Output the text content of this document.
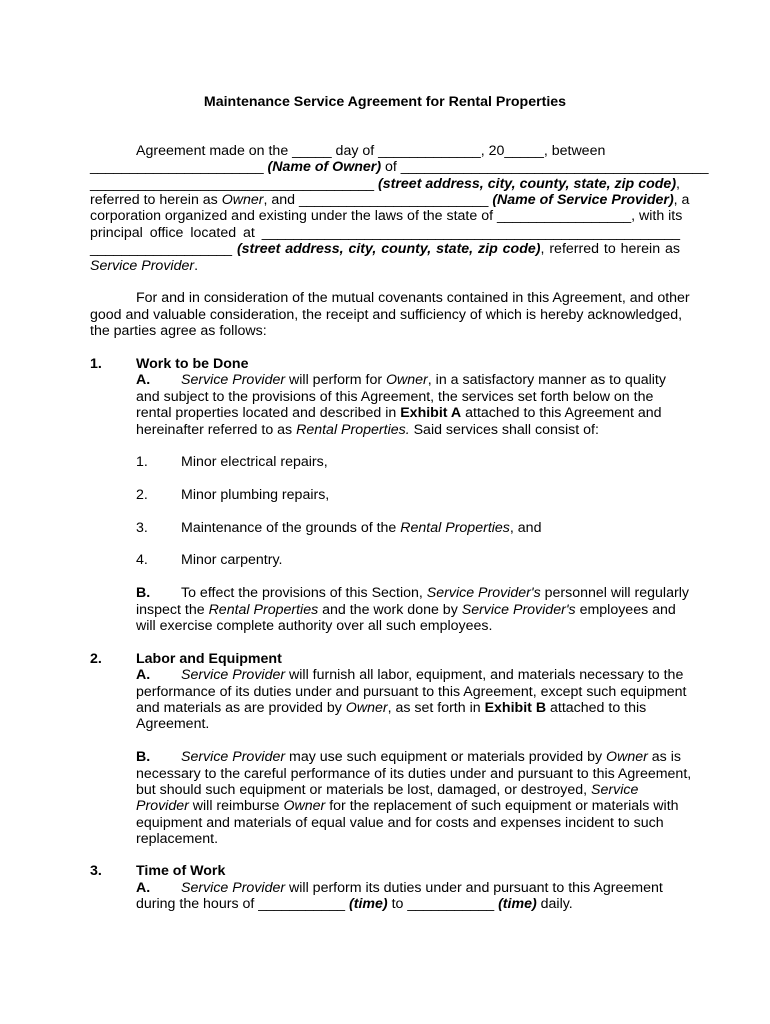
Maintenance Service Agreement for Rental Properties
Agreement made on the _____ day of _____________, 20_____, between
______________________ (Name of Owner) of _______________________________________
____________________________________ (street address, city, county, state, zip code),
referred to herein as Owner, and ________________________ (Name of Service Provider), a
corporation organized and existing under the laws of the state of _________________, with its
principal office located at _____________________________________________________
__________________ (street address, city, county, state, zip code), referred to herein as
Service Provider.
For and in consideration of the mutual covenants contained in this Agreement, and other
good and valuable consideration, the receipt and sufficiency of which is hereby acknowledged,
the parties agree as follows:
1. Work to be Done
A. Service Provider will perform for Owner, in a satisfactory manner as to quality
and subject to the provisions of this Agreement, the services set forth below on the
rental properties located and described in Exhibit A attached to this Agreement and
hereinafter referred to as Rental Properties. Said services shall consist of:
1. Minor electrical repairs,
2. Minor plumbing repairs,
3. Maintenance of the grounds of the Rental Properties, and
4. Minor carpentry.
B. To effect the provisions of this Section, Service Provider's personnel will regularly
inspect the Rental Properties and the work done by Service Provider's employees and
will exercise complete authority over all such employees.
2. Labor and Equipment
A. Service Provider will furnish all labor, equipment, and materials necessary to the
performance of its duties under and pursuant to this Agreement, except such equipment
and materials as are provided by Owner, as set forth in Exhibit B attached to this
Agreement.
B. Service Provider may use such equipment or materials provided by Owner as is
necessary to the careful performance of its duties under and pursuant to this Agreement,
but should such equipment or materials be lost, damaged, or destroyed, Service
Provider will reimburse Owner for the replacement of such equipment or materials with
equipment and materials of equal value and for costs and expenses incident to such
replacement.
3. Time of Work
A. Service Provider will perform its duties under and pursuant to this Agreement
during the hours of ___________ (time) to ___________ (time) daily.
